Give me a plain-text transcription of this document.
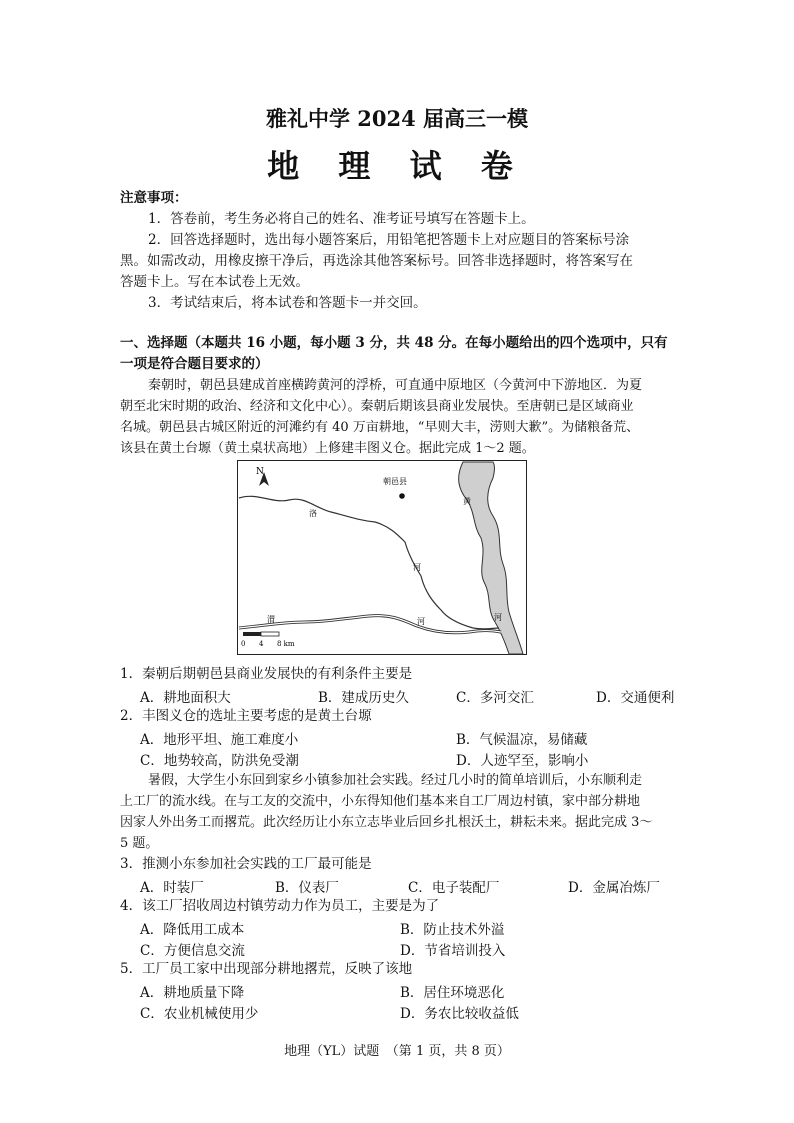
雅礼中学 2024 届高三一模
地 理 试 卷
注意事项：
1．答卷前，考生务必将自己的姓名、准考证号填写在答题卡上。
2．回答选择题时，选出每小题答案后，用铅笔把答题卡上对应题目的答案标号涂
黑。如需改动，用橡皮擦干净后，再选涂其他答案标号。回答非选择题时，将答案写在
答题卡上。写在本试卷上无效。
3．考试结束后，将本试卷和答题卡一并交回。
一、选择题（本题共 16 小题，每小题 3 分，共 48 分。在每小题给出的四个选项中，只有
一项是符合题目要求的）
秦朝时，朝邑县建成首座横跨黄河的浮桥，可直通中原地区（今黄河中下游地区．为夏
朝至北宋时期的政治、经济和文化中心）。秦朝后期该县商业发展快。至唐朝已是区域商业
名城。朝邑县古城区附近的河滩约有 40 万亩耕地，“早则大丰，涝则大歉”。为储粮备荒、
该县在黄土台塬（黄土桌状高地）上修建丰图义仓。据此完成 1～2 题。
N
朝邑县
洛
河
渭	河
黄
河
0 4 8 km
1．秦朝后期朝邑县商业发展快的有利条件主要是
A．耕地面积大	B．建成历史久	C．多河交汇	D．交通便利
2．丰图义仓的选址主要考虑的是黄土台塬
A．地形平坦、施工难度小	B．气候温凉，易储藏
C．地势较高，防洪免受潮	D．人迹罕至，影响小
暑假，大学生小东回到家乡小镇参加社会实践。经过几小时的简单培训后，小东顺利走
上工厂的流水线。在与工友的交流中，小东得知他们基本来自工厂周边村镇，家中部分耕地
因家人外出务工而撂荒。此次经历让小东立志毕业后回乡扎根沃土，耕耘未来。据此完成 3～
5 题。
3．推测小东参加社会实践的工厂最可能是
A．时装厂	B．仪表厂	C．电子装配厂	D．金属冶炼厂
4．该工厂招收周边村镇劳动力作为员工，主要是为了
A．降低用工成本	B．防止技术外溢
C．方便信息交流	D．节省培训投入
5．工厂员工家中出现部分耕地撂荒，反映了该地
A．耕地质量下降	B．居住环境恶化
C．农业机械使用少	D．务农比较收益低
地理（YL）试题　（第 1 页，共 8 页）
